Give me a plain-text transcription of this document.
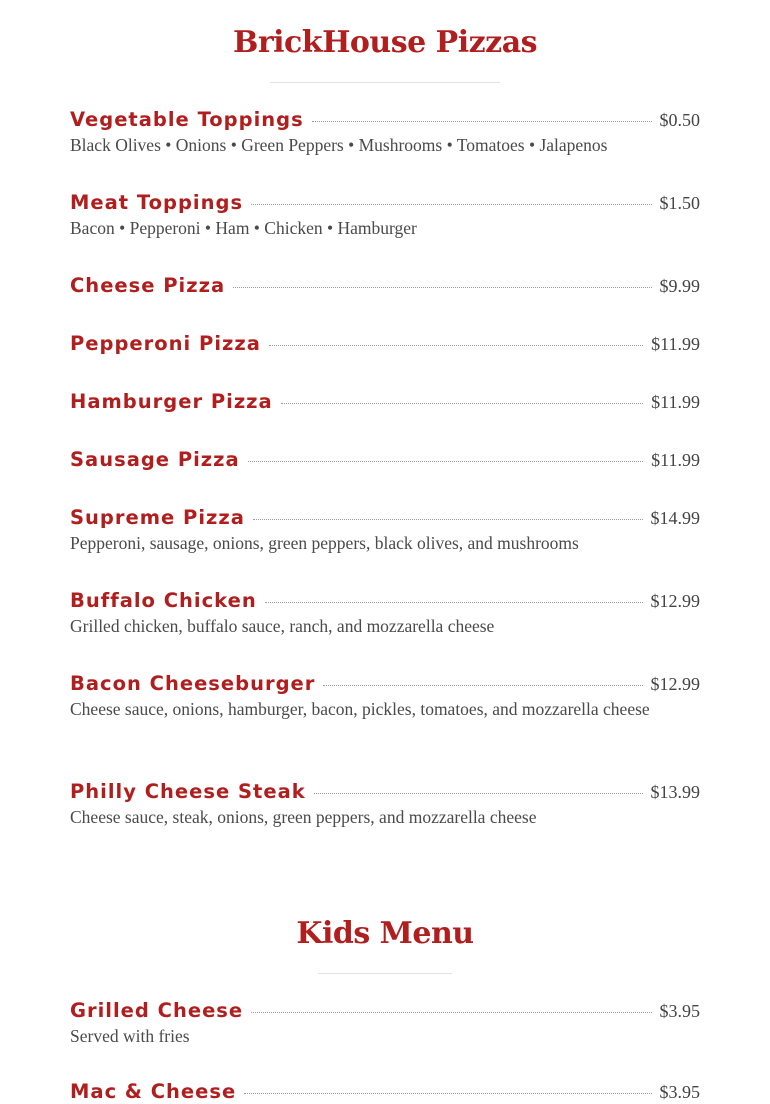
BrickHouse Pizzas
Vegetable Toppings	$0.50
Black Olives • Onions • Green Peppers • Mushrooms • Tomatoes • Jalapenos
Meat Toppings	$1.50
Bacon • Pepperoni • Ham • Chicken • Hamburger
Cheese Pizza	$9.99
Pepperoni Pizza	$11.99
Hamburger Pizza	$11.99
Sausage Pizza	$11.99
Supreme Pizza	$14.99
Pepperoni, sausage, onions, green peppers, black olives, and mushrooms
Buffalo Chicken	$12.99
Grilled chicken, buffalo sauce, ranch, and mozzarella cheese
Bacon Cheeseburger	$12.99
Cheese sauce, onions, hamburger, bacon, pickles, tomatoes, and mozzarella cheese
Philly Cheese Steak	$13.99
Cheese sauce, steak, onions, green peppers, and mozzarella cheese
Kids Menu
Grilled Cheese	$3.95
Served with fries
Mac & Cheese	$3.95
